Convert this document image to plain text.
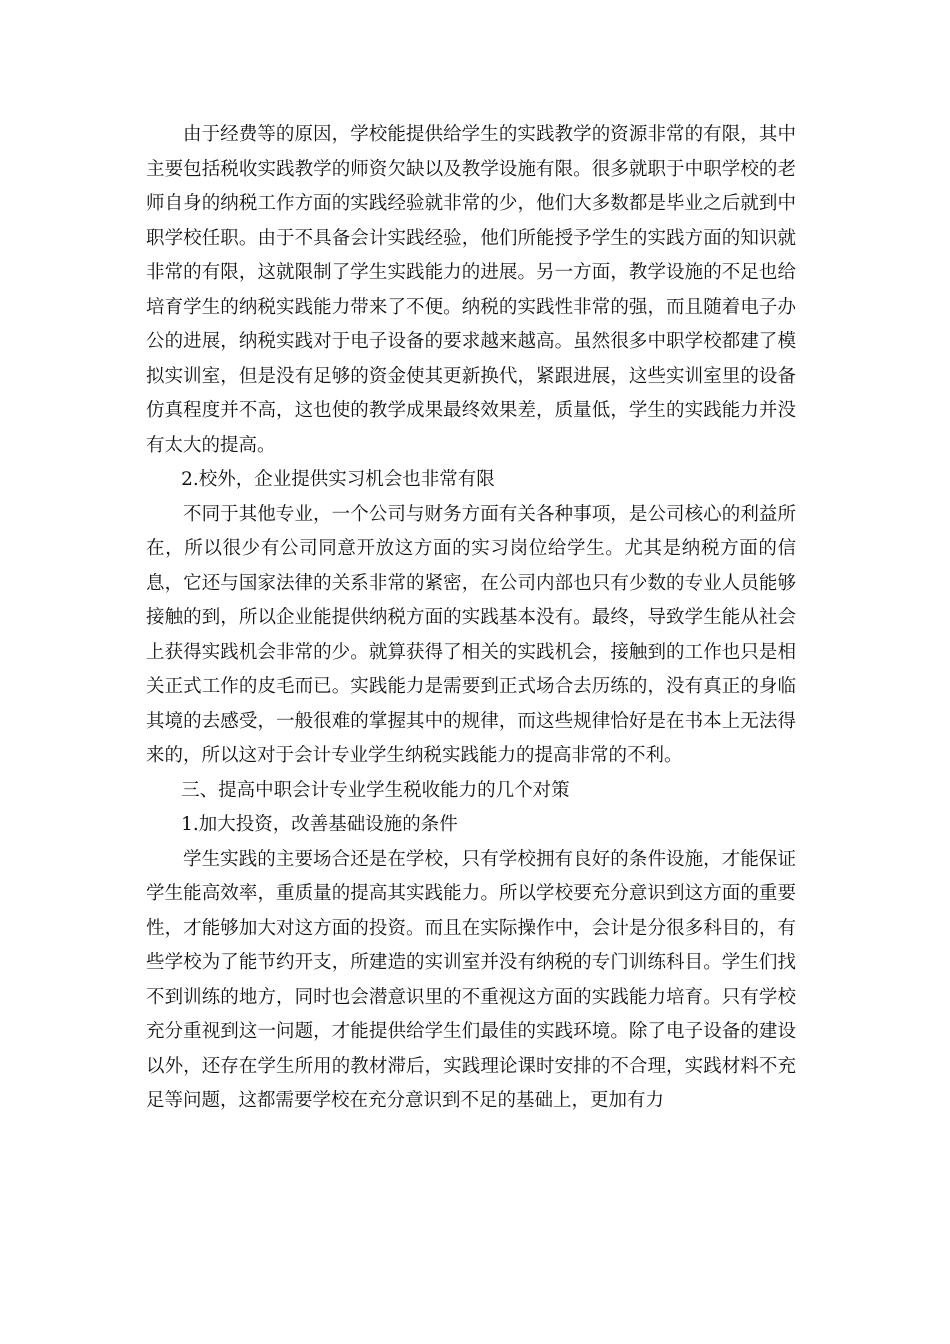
由于经费等的原因，学校能提供给学生的实践教学的资源非常的有限，其中主要包括税收实践教学的师资欠缺以及教学设施有限。很多就职于中职学校的老师自身的纳税工作方面的实践经验就非常的少，他们大多数都是毕业之后就到中职学校任职。由于不具备会计实践经验，他们所能授予学生的实践方面的知识就非常的有限，这就限制了学生实践能力的进展。另一方面，教学设施的不足也给培育学生的纳税实践能力带来了不便。纳税的实践性非常的强，而且随着电子办公的进展，纳税实践对于电子设备的要求越来越高。虽然很多中职学校都建了模拟实训室，但是没有足够的资金使其更新换代，紧跟进展，这些实训室里的设备仿真程度并不高，这也使的教学成果最终效果差，质量低，学生的实践能力并没有太大的提高。

2.校外，企业提供实习机会也非常有限

不同于其他专业，一个公司与财务方面有关各种事项，是公司核心的利益所在，所以很少有公司同意开放这方面的实习岗位给学生。尤其是纳税方面的信息，它还与国家法律的关系非常的紧密，在公司内部也只有少数的专业人员能够接触的到，所以企业能提供纳税方面的实践基本没有。最终，导致学生能从社会上获得实践机会非常的少。就算获得了相关的实践机会，接触到的工作也只是相关正式工作的皮毛而已。实践能力是需要到正式场合去历练的，没有真正的身临其境的去感受，一般很难的掌握其中的规律，而这些规律恰好是在书本上无法得来的，所以这对于会计专业学生纳税实践能力的提高非常的不利。

三、提高中职会计专业学生税收能力的几个对策

1.加大投资，改善基础设施的条件

学生实践的主要场合还是在学校，只有学校拥有良好的条件设施，才能保证学生能高效率，重质量的提高其实践能力。所以学校要充分意识到这方面的重要性，才能够加大对这方面的投资。而且在实际操作中，会计是分很多科目的，有些学校为了能节约开支，所建造的实训室并没有纳税的专门训练科目。学生们找不到训练的地方，同时也会潜意识里的不重视这方面的实践能力培育。只有学校充分重视到这一问题，才能提供给学生们最佳的实践环境。除了电子设备的建设以外，还存在学生所用的教材滞后，实践理论课时安排的不合理，实践材料不充足等问题，这都需要学校在充分意识到不足的基础上，更加有力
